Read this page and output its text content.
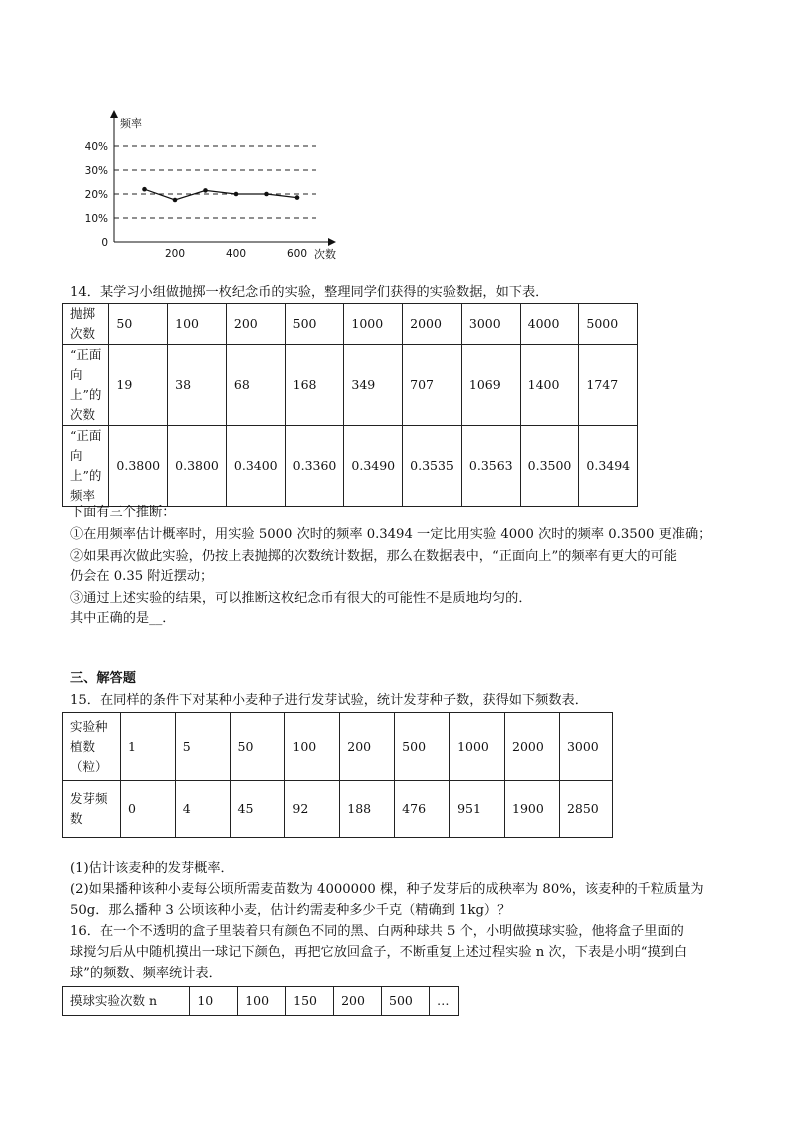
0
10%
20%
30%
40%
200	400	600
频率
次数
14．某学习小组做抛掷一枚纪念币的实验，整理同学们获得的实验数据，如下表．
抛掷次数	50	100	200	500	1000	2000	3000	4000	5000
“正面向上”的次数	19	38	68	168	349	707	1069	1400	1747
“正面向上”的频率	0.3800	0.3800	0.3400	0.3360	0.3490	0.3535	0.3563	0.3500	0.3494
下面有三个推断：
①在用频率估计概率时，用实验 5000 次时的频率 0.3494 一定比用实验 4000 次时的频率 0.3500 更准确；
②如果再次做此实验，仍按上表抛掷的次数统计数据，那么在数据表中，“正面向上”的频率有更大的可能
仍会在 0.35 附近摆动；
③通过上述实验的结果，可以推断这枚纪念币有很大的可能性不是质地均匀的．
其中正确的是__．
三、解答题
15．在同样的条件下对某种小麦种子进行发芽试验，统计发芽种子数，获得如下频数表．
实验种植数（粒）	1	5	50	100	200	500	1000	2000	3000
发芽频数	0	4	45	92	188	476	951	1900	2850
(1)估计该麦种的发芽概率．
(2)如果播种该种小麦每公顷所需麦苗数为 4000000 棵，种子发芽后的成秧率为 80%，该麦种的千粒质量为
50g．那么播种 3 公顷该种小麦，估计约需麦种多少千克（精确到 1kg）？
16．在一个不透明的盒子里装着只有颜色不同的黑、白两种球共 5 个，小明做摸球实验，他将盒子里面的
球搅匀后从中随机摸出一球记下颜色，再把它放回盒子，不断重复上述过程实验 n 次，下表是小明“摸到白
球”的频数、频率统计表．
摸球实验次数 n	10	100	150	200	500	…
